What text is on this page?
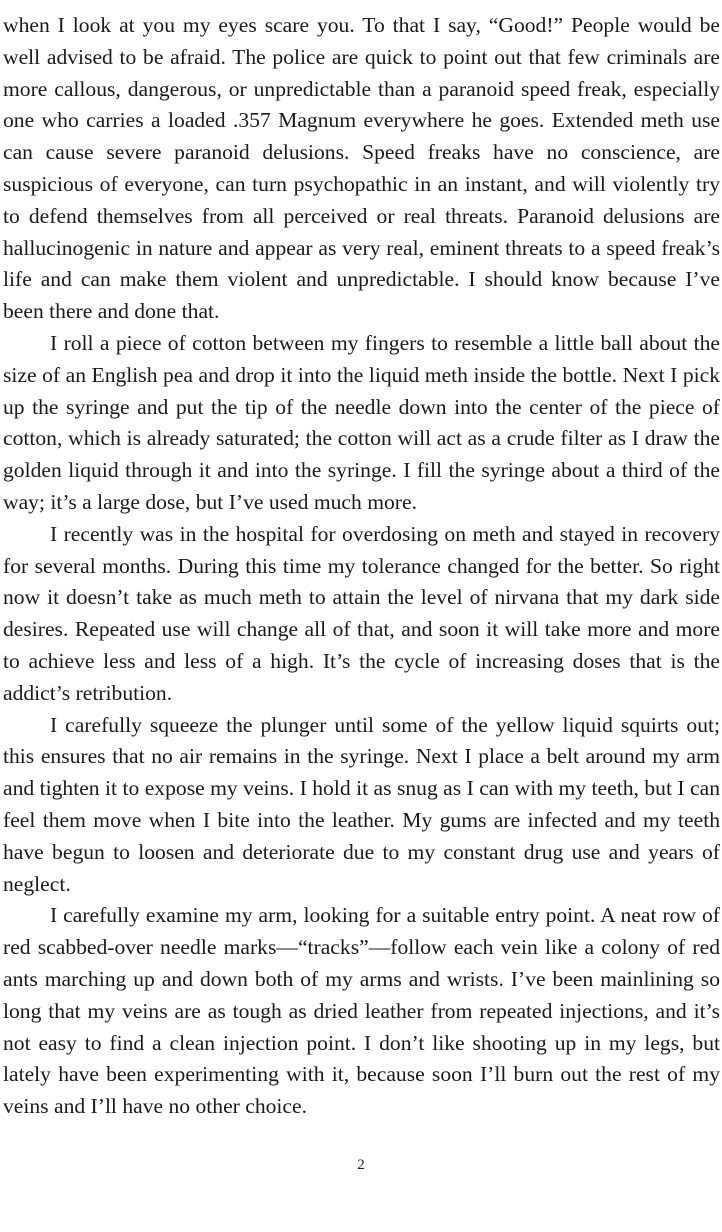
when I look at you my eyes scare you. To that I say, “Good!” People would be well advised to be afraid. The police are quick to point out that few criminals are more callous, dangerous, or unpredictable than a paranoid speed freak, especially one who carries a loaded .357 Magnum everywhere he goes. Extended meth use can cause severe paranoid delusions. Speed freaks have no conscience, are suspicious of everyone, can turn psychopathic in an instant, and will violently try to defend themselves from all perceived or real threats. Paranoid delusions are hallucinogenic in nature and appear as very real, eminent threats to a speed freak’s life and can make them violent and unpredictable. I should know because I’ve been there and done that.

I roll a piece of cotton between my fingers to resemble a little ball about the size of an English pea and drop it into the liquid meth inside the bottle. Next I pick up the syringe and put the tip of the needle down into the center of the piece of cotton, which is already saturated; the cotton will act as a crude filter as I draw the golden liquid through it and into the syringe. I fill the syringe about a third of the way; it’s a large dose, but I’ve used much more.

I recently was in the hospital for overdosing on meth and stayed in recovery for several months. During this time my tolerance changed for the better. So right now it doesn’t take as much meth to attain the level of nirvana that my dark side desires. Repeated use will change all of that, and soon it will take more and more to achieve less and less of a high. It’s the cycle of increasing doses that is the addict’s retribution.

I carefully squeeze the plunger until some of the yellow liquid squirts out; this ensures that no air remains in the syringe. Next I place a belt around my arm and tighten it to expose my veins. I hold it as snug as I can with my teeth, but I can feel them move when I bite into the leather. My gums are infected and my teeth have begun to loosen and deteriorate due to my constant drug use and years of neglect.

I carefully examine my arm, looking for a suitable entry point. A neat row of red scabbed-over needle marks—“tracks”—follow each vein like a colony of red ants marching up and down both of my arms and wrists. I’ve been mainlining so long that my veins are as tough as dried leather from repeated injections, and it’s not easy to find a clean injection point. I don’t like shooting up in my legs, but lately have been experimenting with it, because soon I’ll burn out the rest of my veins and I’ll have no other choice.

2
